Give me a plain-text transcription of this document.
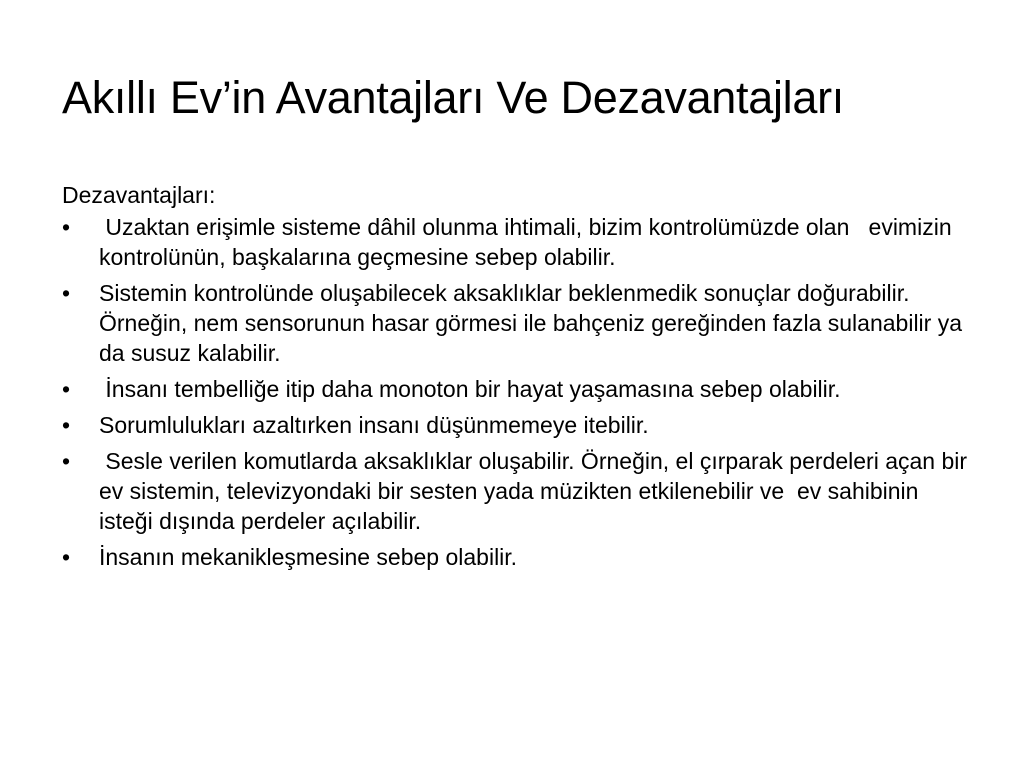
Akıllı Ev’in Avantajları Ve Dezavantajları

Dezavantajları:

•	Uzaktan erişimle sisteme dâhil olunma ihtimali, bizim kontrolümüzde olan   evimizin kontrolünün, başkalarına geçmesine sebep olabilir.
•	Sistemin kontrolünde oluşabilecek aksaklıklar beklenmedik sonuçlar doğurabilir. Örneğin, nem sensorunun hasar görmesi ile bahçeniz gereğinden fazla sulanabilir ya da susuz kalabilir.
•	İnsanı tembelliğe itip daha monoton bir hayat yaşamasına sebep olabilir.
•	Sorumlulukları azaltırken insanı düşünmemeye itebilir.
•	Sesle verilen komutlarda aksaklıklar oluşabilir. Örneğin, el çırparak perdeleri açan bir ev sistemin, televizyondaki bir sesten yada müzikten etkilenebilir ve  ev sahibinin isteği dışında perdeler açılabilir.
•	İnsanın mekanikleşmesine sebep olabilir.
